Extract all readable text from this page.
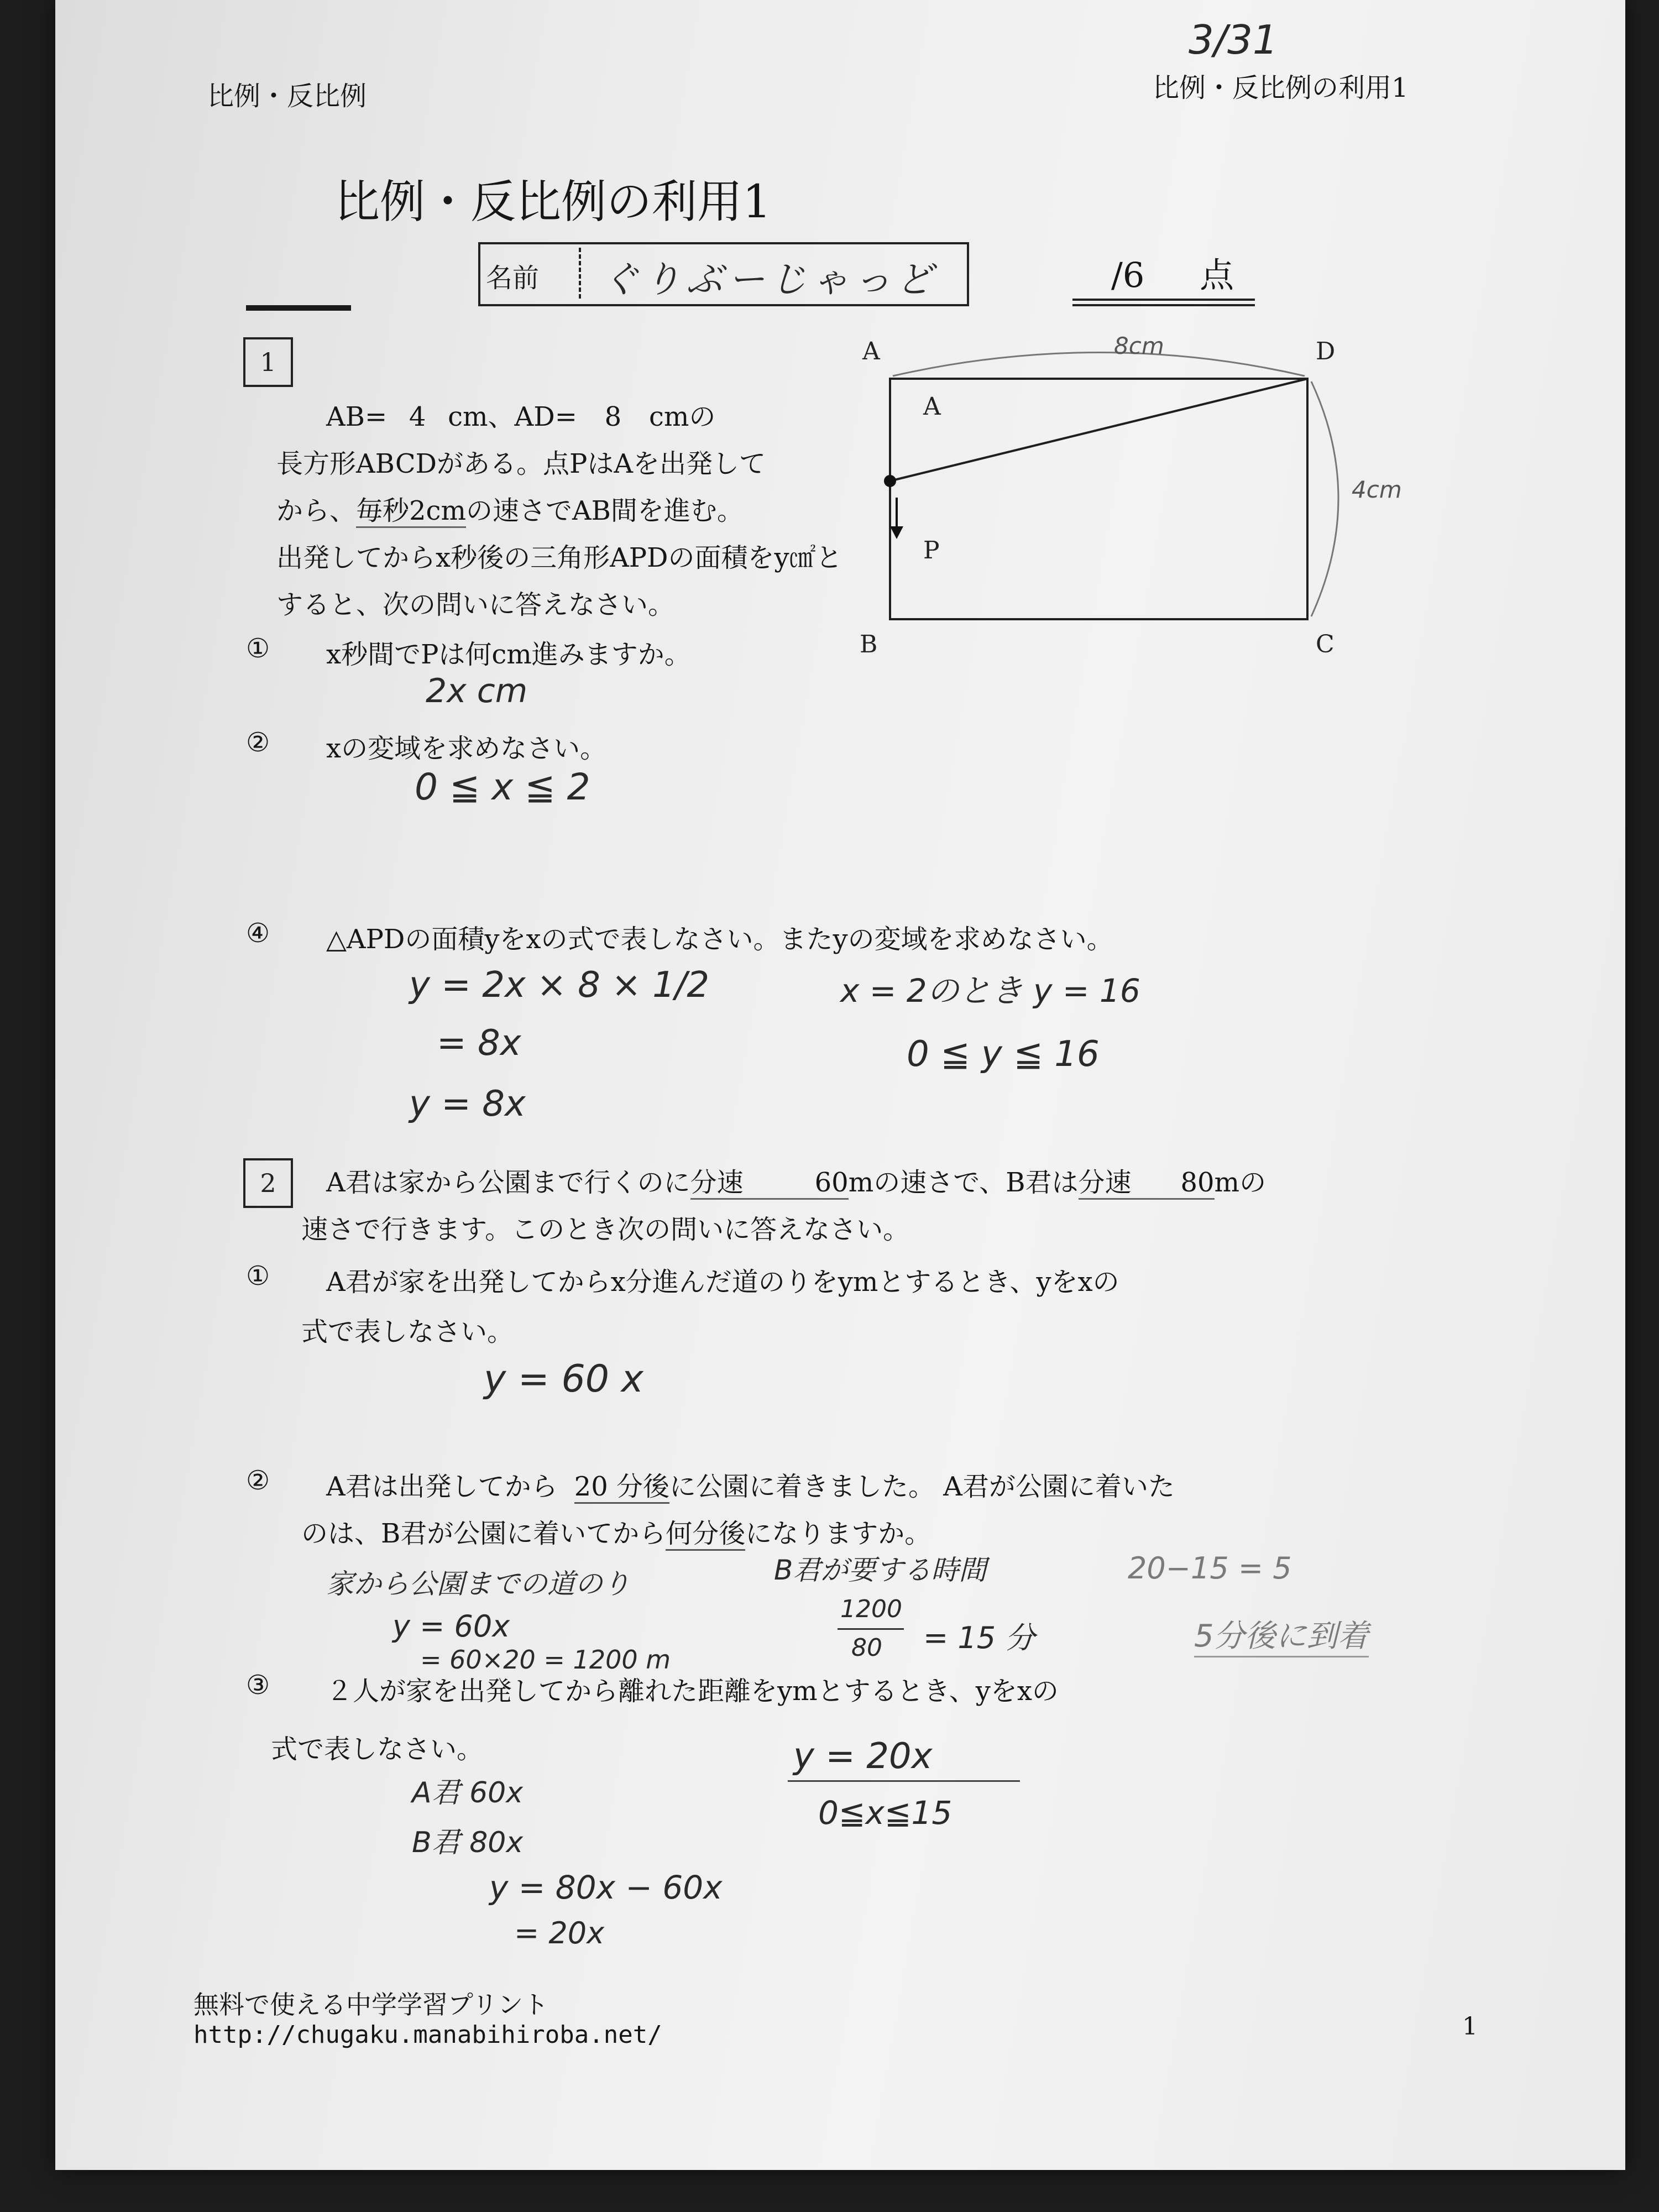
比例・反比例	比例・反比例の利用1
3/31
比例・反比例の利用1
名前 ぐりぶーじゃっど	/6 点
1
AB= 4 cm、AD= 8 cmの
長方形ABCDがある。点PはAを出発して
から、毎秒2cmの速さでAB間を進む。
出発してからx秒後の三角形APDの面積をy㎠と
すると、次の問いに答えなさい。
① x秒間でPは何cm進みますか。
2x cm
② xの変域を求めなさい。
0 ≦ x ≦ 2
④ △APDの面積yをxの式で表しなさい。またyの変域を求めなさい。
y = 2x × 8 × 1/2
= 8x
y = 8x
x = 2のとき y = 16
0 ≦ y ≦ 16
A
B	C
D
A
P
8cm
4cm
2	A君は家から公園まで行くのに分速	60mの速さで、B君は分速 80mの
速さで行きます。このとき次の問いに答えなさい。
① A君が家を出発してからx分進んだ道のりをymとするとき、yをxの
式で表しなさい。
y = 60 x
② A君は出発してから 20 分後に公園に着きました。 A君が公園に着いた
のは、B君が公園に着いてから何分後になりますか。
家から公園までの道のり
y = 60x
= 60×20 = 1200 m
B君が要する時間
1200
80 = 15 分
20−15 = 5
5分後に到着
③ ２人が家を出発してから離れた距離をymとするとき、yをxの
式で表しなさい。
A君 60x
B君 80x
y = 80x − 60x
= 20x
y = 20x
0≦x≦15
無料で使える中学学習プリント
http://chugaku.manabihiroba.net/	1
